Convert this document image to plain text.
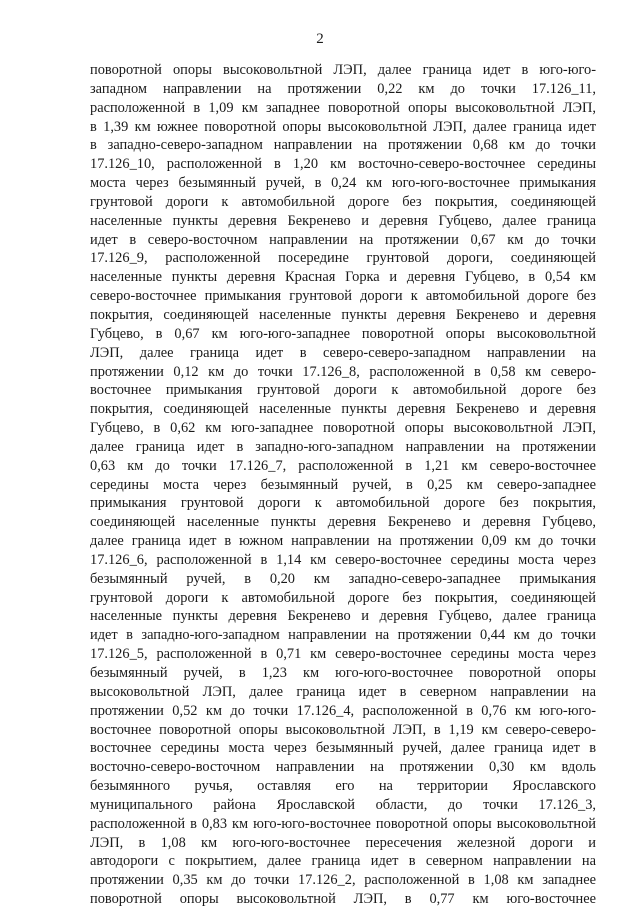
2
поворотной опоры высоковольтной ЛЭП, далее граница идет в юго-юго-
западном направлении на протяжении 0,22 км до точки 17.126_11,
расположенной в 1,09 км западнее поворотной опоры высоковольтной ЛЭП,
в 1,39 км южнее поворотной опоры высоковольтной ЛЭП, далее граница идет
в западно-северо-западном направлении на протяжении 0,68 км до точки
17.126_10, расположенной в 1,20 км восточно-северо-восточнее середины
моста через безымянный ручей, в 0,24 км юго-юго-восточнее примыкания
грунтовой дороги к автомобильной дороге без покрытия, соединяющей
населенные пункты деревня Бекренево и деревня Губцево, далее граница
идет в северо-восточном направлении на протяжении 0,67 км до точки
17.126_9, расположенной посередине грунтовой дороги, соединяющей
населенные пункты деревня Красная Горка и деревня Губцево, в 0,54 км
северо-восточнее примыкания грунтовой дороги к автомобильной дороге без
покрытия, соединяющей населенные пункты деревня Бекренево и деревня
Губцево, в 0,67 км юго-юго-западнее поворотной опоры высоковольтной
ЛЭП, далее граница идет в северо-северо-западном направлении на
протяжении 0,12 км до точки 17.126_8, расположенной в 0,58 км северо-
восточнее примыкания грунтовой дороги к автомобильной дороге без
покрытия, соединяющей населенные пункты деревня Бекренево и деревня
Губцево, в 0,62 км юго-западнее поворотной опоры высоковольтной ЛЭП,
далее граница идет в западно-юго-западном направлении на протяжении
0,63 км до точки 17.126_7, расположенной в 1,21 км северо-восточнее
середины моста через безымянный ручей, в 0,25 км северо-западнее
примыкания грунтовой дороги к автомобильной дороге без покрытия,
соединяющей населенные пункты деревня Бекренево и деревня Губцево,
далее граница идет в южном направлении на протяжении 0,09 км до точки
17.126_6, расположенной в 1,14 км северо-восточнее середины моста через
безымянный ручей, в 0,20 км западно-северо-западнее примыкания
грунтовой дороги к автомобильной дороге без покрытия, соединяющей
населенные пункты деревня Бекренево и деревня Губцево, далее граница
идет в западно-юго-западном направлении на протяжении 0,44 км до точки
17.126_5, расположенной в 0,71 км северо-восточнее середины моста через
безымянный ручей, в 1,23 км юго-юго-восточнее поворотной опоры
высоковольтной ЛЭП, далее граница идет в северном направлении на
протяжении 0,52 км до точки 17.126_4, расположенной в 0,76 км юго-юго-
восточнее поворотной опоры высоковольтной ЛЭП, в 1,19 км северо-северо-
восточнее середины моста через безымянный ручей, далее граница идет в
восточно-северо-восточном направлении на протяжении 0,30 км вдоль
безымянного ручья, оставляя его на территории Ярославского
муниципального района Ярославской области, до точки 17.126_3,
расположенной в 0,83 км юго-юго-восточнее поворотной опоры высоковольтной
ЛЭП, в 1,08 км юго-юго-восточнее пересечения железной дороги и
автодороги с покрытием, далее граница идет в северном направлении на
протяжении 0,35 км до точки 17.126_2, расположенной в 1,08 км западнее
поворотной опоры высоковольтной ЛЭП, в 0,77 км юго-восточнее
